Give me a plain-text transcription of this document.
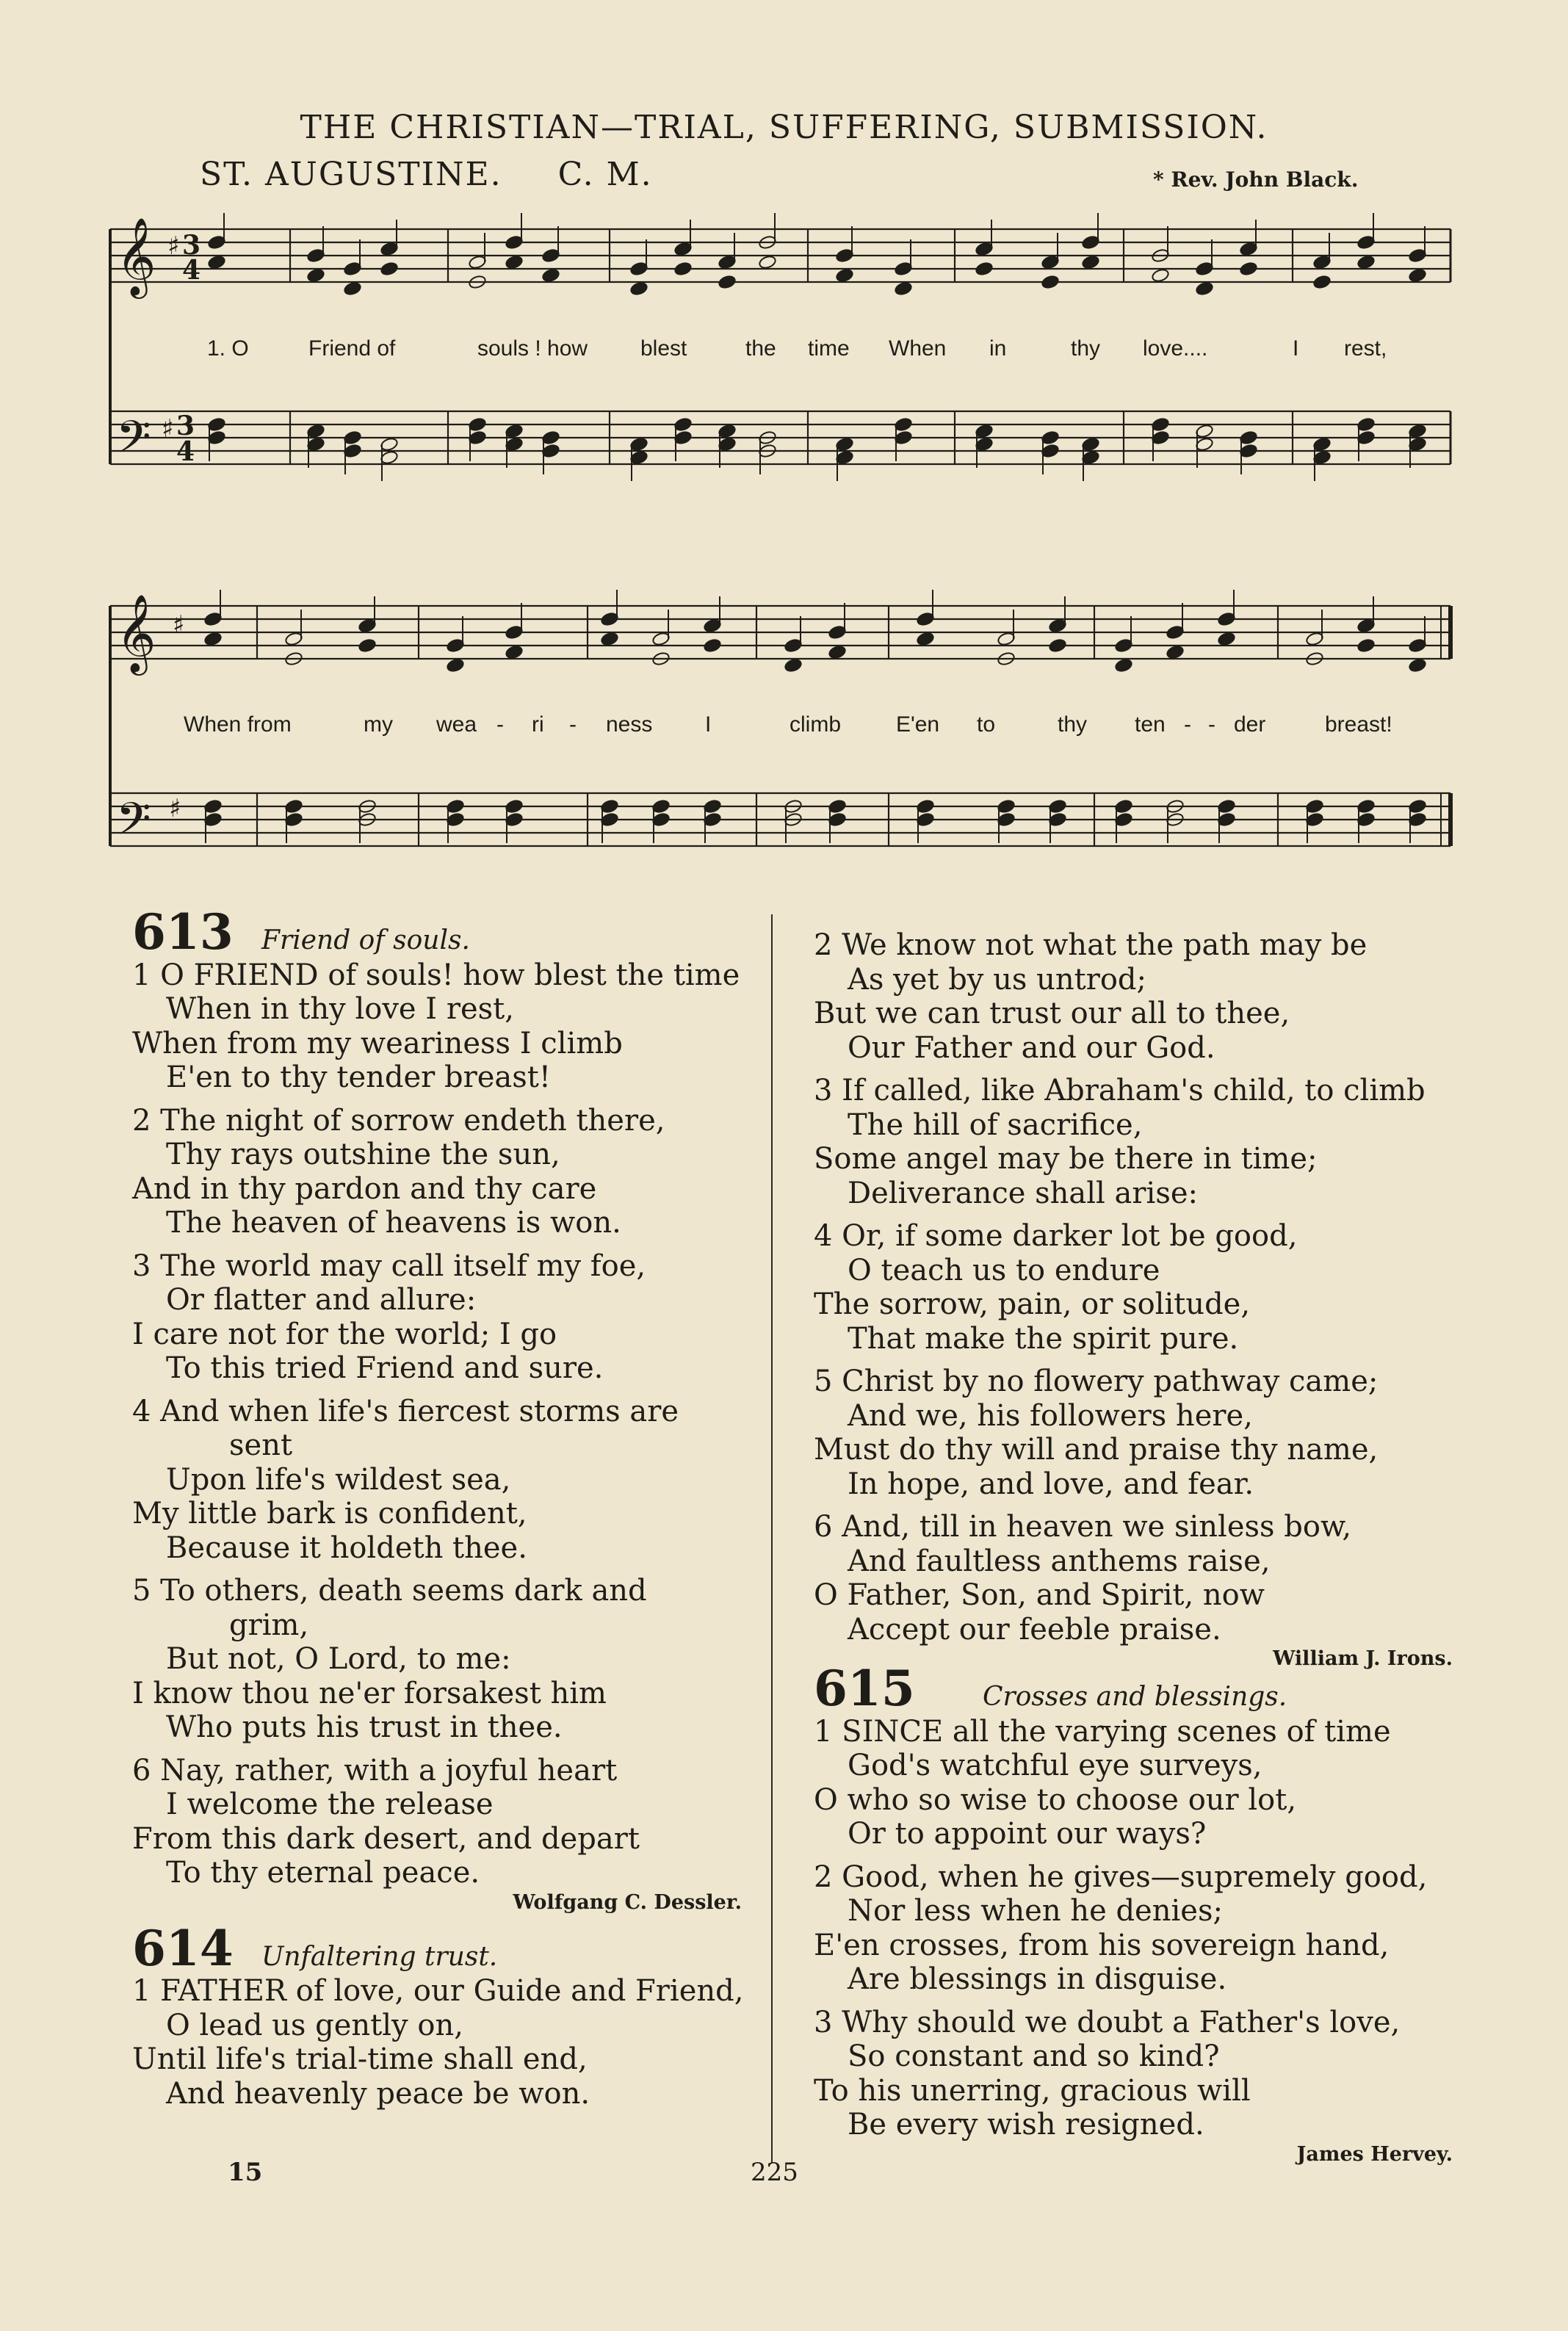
THE CHRISTIAN—TRIAL, SUFFERING, SUBMISSION.
ST. AUGUSTINE. C. M.	* Rev. John Black.
𝄞 ♯ 3
4
𝄢 ♯ 3
4
𝄞 ♯
𝄢 ♯
1. O	Friend of	souls ! how blest	the time When in	thy love....	I rest,
When from	my wea - ri - ness I	climb E'en to	thy ten - - der	breast!
613	Friend of souls.
1 O FRIEND of souls! how blest the time
When in thy love I rest,
When from my weariness I climb
E'en to thy tender breast!
2 The night of sorrow endeth there,
Thy rays outshine the sun,
And in thy pardon and thy care
The heaven of heavens is won.
3 The world may call itself my foe,
Or flatter and allure:
I care not for the world; I go
To this tried Friend and sure.
4 And when life's fiercest storms are
sent
Upon life's wildest sea,
My little bark is confident,
Because it holdeth thee.
5 To others, death seems dark and
grim,
But not, O Lord, to me:
I know thou ne'er forsakest him
Who puts his trust in thee.
6 Nay, rather, with a joyful heart
I welcome the release
From this dark desert, and depart
To thy eternal peace.
Wolfgang C. Dessler.
614	Unfaltering trust.
1 FATHER of love, our Guide and Friend,
O lead us gently on,
Until life's trial-time shall end,
And heavenly peace be won.
2 We know not what the path may be
As yet by us untrod;
But we can trust our all to thee,
Our Father and our God.
3 If called, like Abraham's child, to climb
The hill of sacrifice,
Some angel may be there in time;
Deliverance shall arise:
4 Or, if some darker lot be good,
O teach us to endure
The sorrow, pain, or solitude,
That make the spirit pure.
5 Christ by no flowery pathway came;
And we, his followers here,
Must do thy will and praise thy name,
In hope, and love, and fear.
6 And, till in heaven we sinless bow,
And faultless anthems raise,
O Father, Son, and Spirit, now
Accept our feeble praise.
William J. Irons.
615	Crosses and blessings.
1 SINCE all the varying scenes of time
God's watchful eye surveys,
O who so wise to choose our lot,
Or to appoint our ways?
2 Good, when he gives—supremely good,
Nor less when he denies;
E'en crosses, from his sovereign hand,
Are blessings in disguise.
3 Why should we doubt a Father's love,
So constant and so kind?
To his unerring, gracious will
Be every wish resigned.
James Hervey.
15	225
